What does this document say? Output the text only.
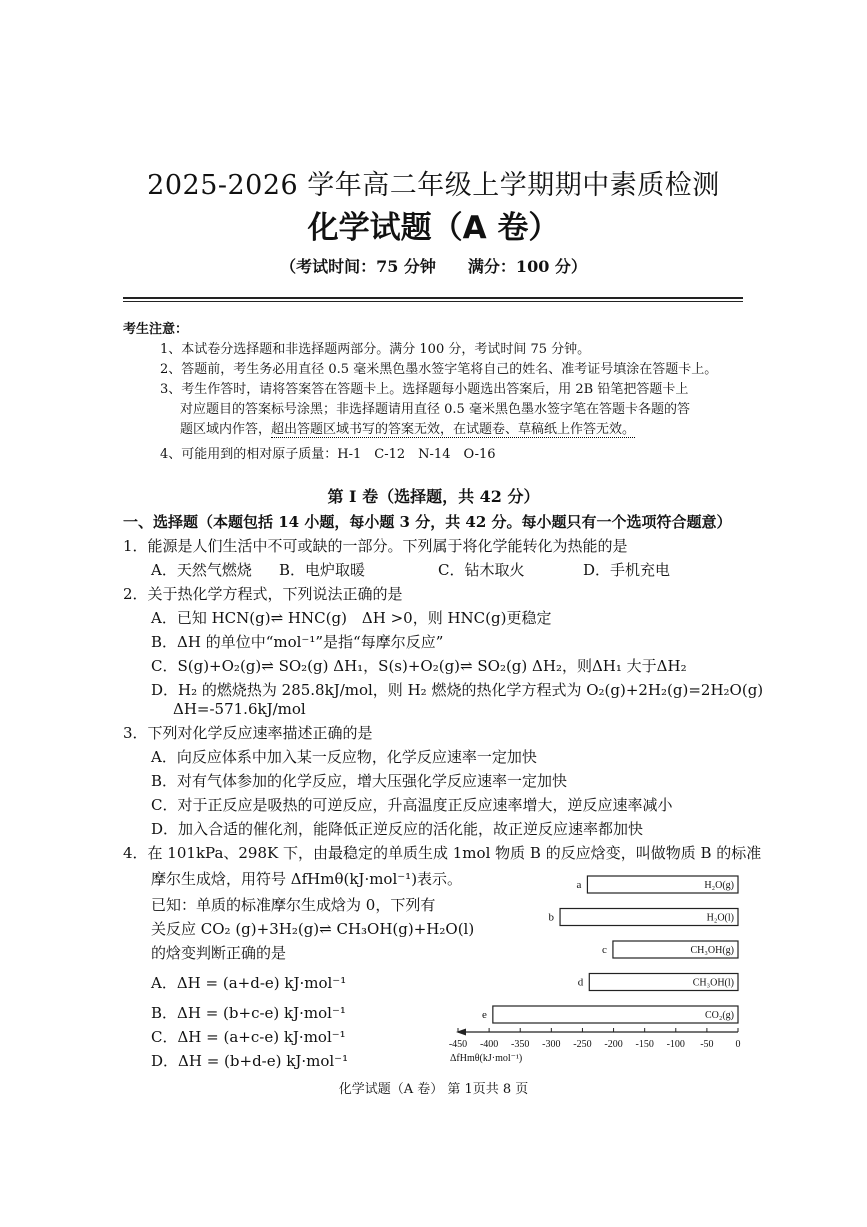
2025-2026 学年高二年级上学期期中素质检测
化学试题（A 卷）
（考试时间：75 分钟　　满分：100 分）
考生注意：
1、本试卷分选择题和非选择题两部分。满分 100 分，考试时间 75 分钟。
2、答题前，考生务必用直径 0.5 毫米黑色墨水签字笔将自己的姓名、准考证号填涂在答题卡上。
3、考生作答时，请将答案答在答题卡上。选择题每小题选出答案后，用 2B 铅笔把答题卡上
对应题目的答案标号涂黑；非选择题请用直径 0.5 毫米黑色墨水签字笔在答题卡各题的答
题区域内作答，超出答题区域书写的答案无效，在试题卷、草稿纸上作答无效。
4、可能用到的相对原子质量：H-1　C-12　N-14　O-16
第 I 卷（选择题，共 42 分）
一、选择题（本题包括 14 小题，每小题 3 分，共 42 分。每小题只有一个选项符合题意）
1．能源是人们生活中不可或缺的一部分。下列属于将化学能转化为热能的是
A．天然气燃烧 B．电炉取暖	C．钻木取火	D．手机充电
2．关于热化学方程式，下列说法正确的是
A．已知 HCN(g)⇌ HNC(g)　ΔH >0，则 HNC(g)更稳定
B．ΔH 的单位中“mol⁻¹”是指“每摩尔反应”
C．S(g)+O₂(g)⇌ SO₂(g) ΔH₁，S(s)+O₂(g)⇌ SO₂(g) ΔH₂，则ΔH₁ 大于ΔH₂
D．H₂ 的燃烧热为 285.8kJ/mol，则 H₂ 燃烧的热化学方程式为 O₂(g)+2H₂(g)=2H₂O(g)
ΔH=-571.6kJ/mol
3．下列对化学反应速率描述正确的是
A．向反应体系中加入某一反应物，化学反应速率一定加快
B．对有气体参加的化学反应，增大压强化学反应速率一定加快
C．对于正反应是吸热的可逆反应，升高温度正反应速率增大，逆反应速率减小
D．加入合适的催化剂，能降低正逆反应的活化能，故正逆反应速率都加快
4．在 101kPa、298K 下，由最稳定的单质生成 1mol 物质 B 的反应焓变，叫做物质 B 的标准
摩尔生成焓，用符号 ΔfHmθ(kJ·mol⁻¹)表示。
已知：单质的标准摩尔生成焓为 0，下列有
关反应 CO₂ (g)+3H₂(g)⇌ CH₃OH(g)+H₂O(l)
的焓变判断正确的是
A．ΔH = (a+d-e) kJ·mol⁻¹
B．ΔH = (b+c-e) kJ·mol⁻¹
C．ΔH = (a+c-e) kJ·mol⁻¹
D．ΔH = (b+d-e) kJ·mol⁻¹
a	H₂O(g)
b	H₂O(l)
c	CH₃OH(g)
d	CH₃OH(l)
e	CO₂(g)
-450 -400 -350 -300 -250 -200 -150 -100 -50 0
ΔfHmθ(kJ·mol⁻¹)
化学试题（A 卷） 第 1页共 8 页
